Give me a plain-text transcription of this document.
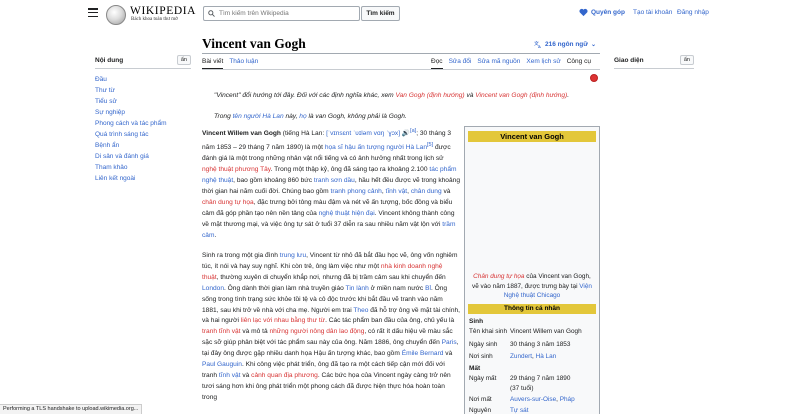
WIKIPEDIA
Bách khoa toàn thư mở
Tìm kiếm trên Wikipedia
Tìm kiếm	Quyên góp Tạo tài khoản Đăng nhập
Nội dung	ẩn
Đầu
Thư từ
Tiểu sử
Sự nghiệp
Phong cách và tác phẩm
Quá trình sáng tác
Bệnh ẩn
Di sản và đánh giá
Tham khảo
Liên kết ngoài
Giao diện	ẩn
Vincent van Gogh	文 A 216 ngôn ngữ ⌄
Bài viết Thảo luận	Đọc Sửa đổi Sửa mã nguồn Xem lịch sử Công cụ
"Vincent" đổi hướng tới đây. Đối với các định nghĩa khác, xem Van Gogh (định hướng) và Vincent van Gogh (định hướng).
Trong tên người Hà Lan này, họ là van Gogh, không phải là Gogh.

Vincent Willem van Gogh (tiếng Hà Lan: [ˈvɪnsɛnt ˈʋɪləm vɑŋ ˈɣɔx] 🔊[a]; 30 tháng 3 năm 1853 – 29 tháng 7 năm 1890) là một họa sĩ hậu ấn tượng người Hà Lan[5] được đánh giá là một trong những nhân vật nổi tiếng và có ảnh hưởng nhất trong lịch sử nghệ thuật phương Tây. Trong một thập kỷ, ông đã sáng tạo ra khoảng 2.100 tác phẩm nghệ thuật, bao gồm khoảng 860 bức tranh sơn dầu, hầu hết đều được vẽ trong khoảng thời gian hai năm cuối đời. Chúng bao gồm tranh phong cảnh, tĩnh vật, chân dung và chân dung tự họa, đặc trưng bởi tông màu đậm và nét vẽ ấn tượng, bốc đồng và biểu cảm đã góp phần tạo nên nền tảng của nghệ thuật hiện đại. Vincent không thành công về mặt thương mại, và việc ông tự sát ở tuổi 37 diễn ra sau nhiều năm vật lộn với trầm cảm.

Sinh ra trong một gia đình trung lưu, Vincent từ nhỏ đã bắt đầu học vẽ, ông vốn nghiêm túc, ít nói và hay suy nghĩ. Khi còn trẻ, ông làm việc như một nhà kinh doanh nghệ thuật, thường xuyên di chuyển khắp nơi, nhưng đã bị trầm cảm sau khi chuyển đến London. Ông dành thời gian làm nhà truyền giáo Tin lành ở miền nam nước Bỉ. Ông sống trong tình trạng sức khỏe tồi tệ và cô độc trước khi bắt đầu vẽ tranh vào năm 1881, sau khi trở về nhà với cha mẹ. Người em trai Theo đã hỗ trợ ông về mặt tài chính, và hai người liên lạc với nhau bằng thư từ. Các tác phẩm ban đầu của ông, chủ yếu là tranh tĩnh vật và mô tả những người nông dân lao động, có rất ít dấu hiệu về màu sắc sặc sỡ giúp phân biệt với tác phẩm sau này của ông. Năm 1886, ông chuyển đến Paris, tại đây ông được gặp nhiều danh họa Hậu ấn tượng khác, bao gồm Émile Bernard và Paul Gauguin. Khi công việc phát triển, ông đã tạo ra một cách tiếp cận mới đối với tranh tĩnh vật và cảnh quan địa phương. Các bức họa của Vincent ngày càng trở nên tươi sáng hơn khi ông phát triển một phong cách đã được hiện thực hóa hoàn toàn trong

Vincent van Gogh
Chân dung tự họa của Vincent van Gogh, vẽ vào năm 1887, được trưng bày tại Viện Nghệ thuật Chicago
Thông tin cá nhân
Sinh
Tên khai sinh Vincent Willem van Gogh
Ngày sinh	30 tháng 3 năm 1853
Nơi sinh	Zundert, Hà Lan
Mất
Ngày mất	29 tháng 7 năm 1890
(37 tuổi)
Nơi mất	Auvers-sur-Oise, Pháp
Nguyên	Tự sát
Performing a TLS handshake to upload.wikimedia.org...
